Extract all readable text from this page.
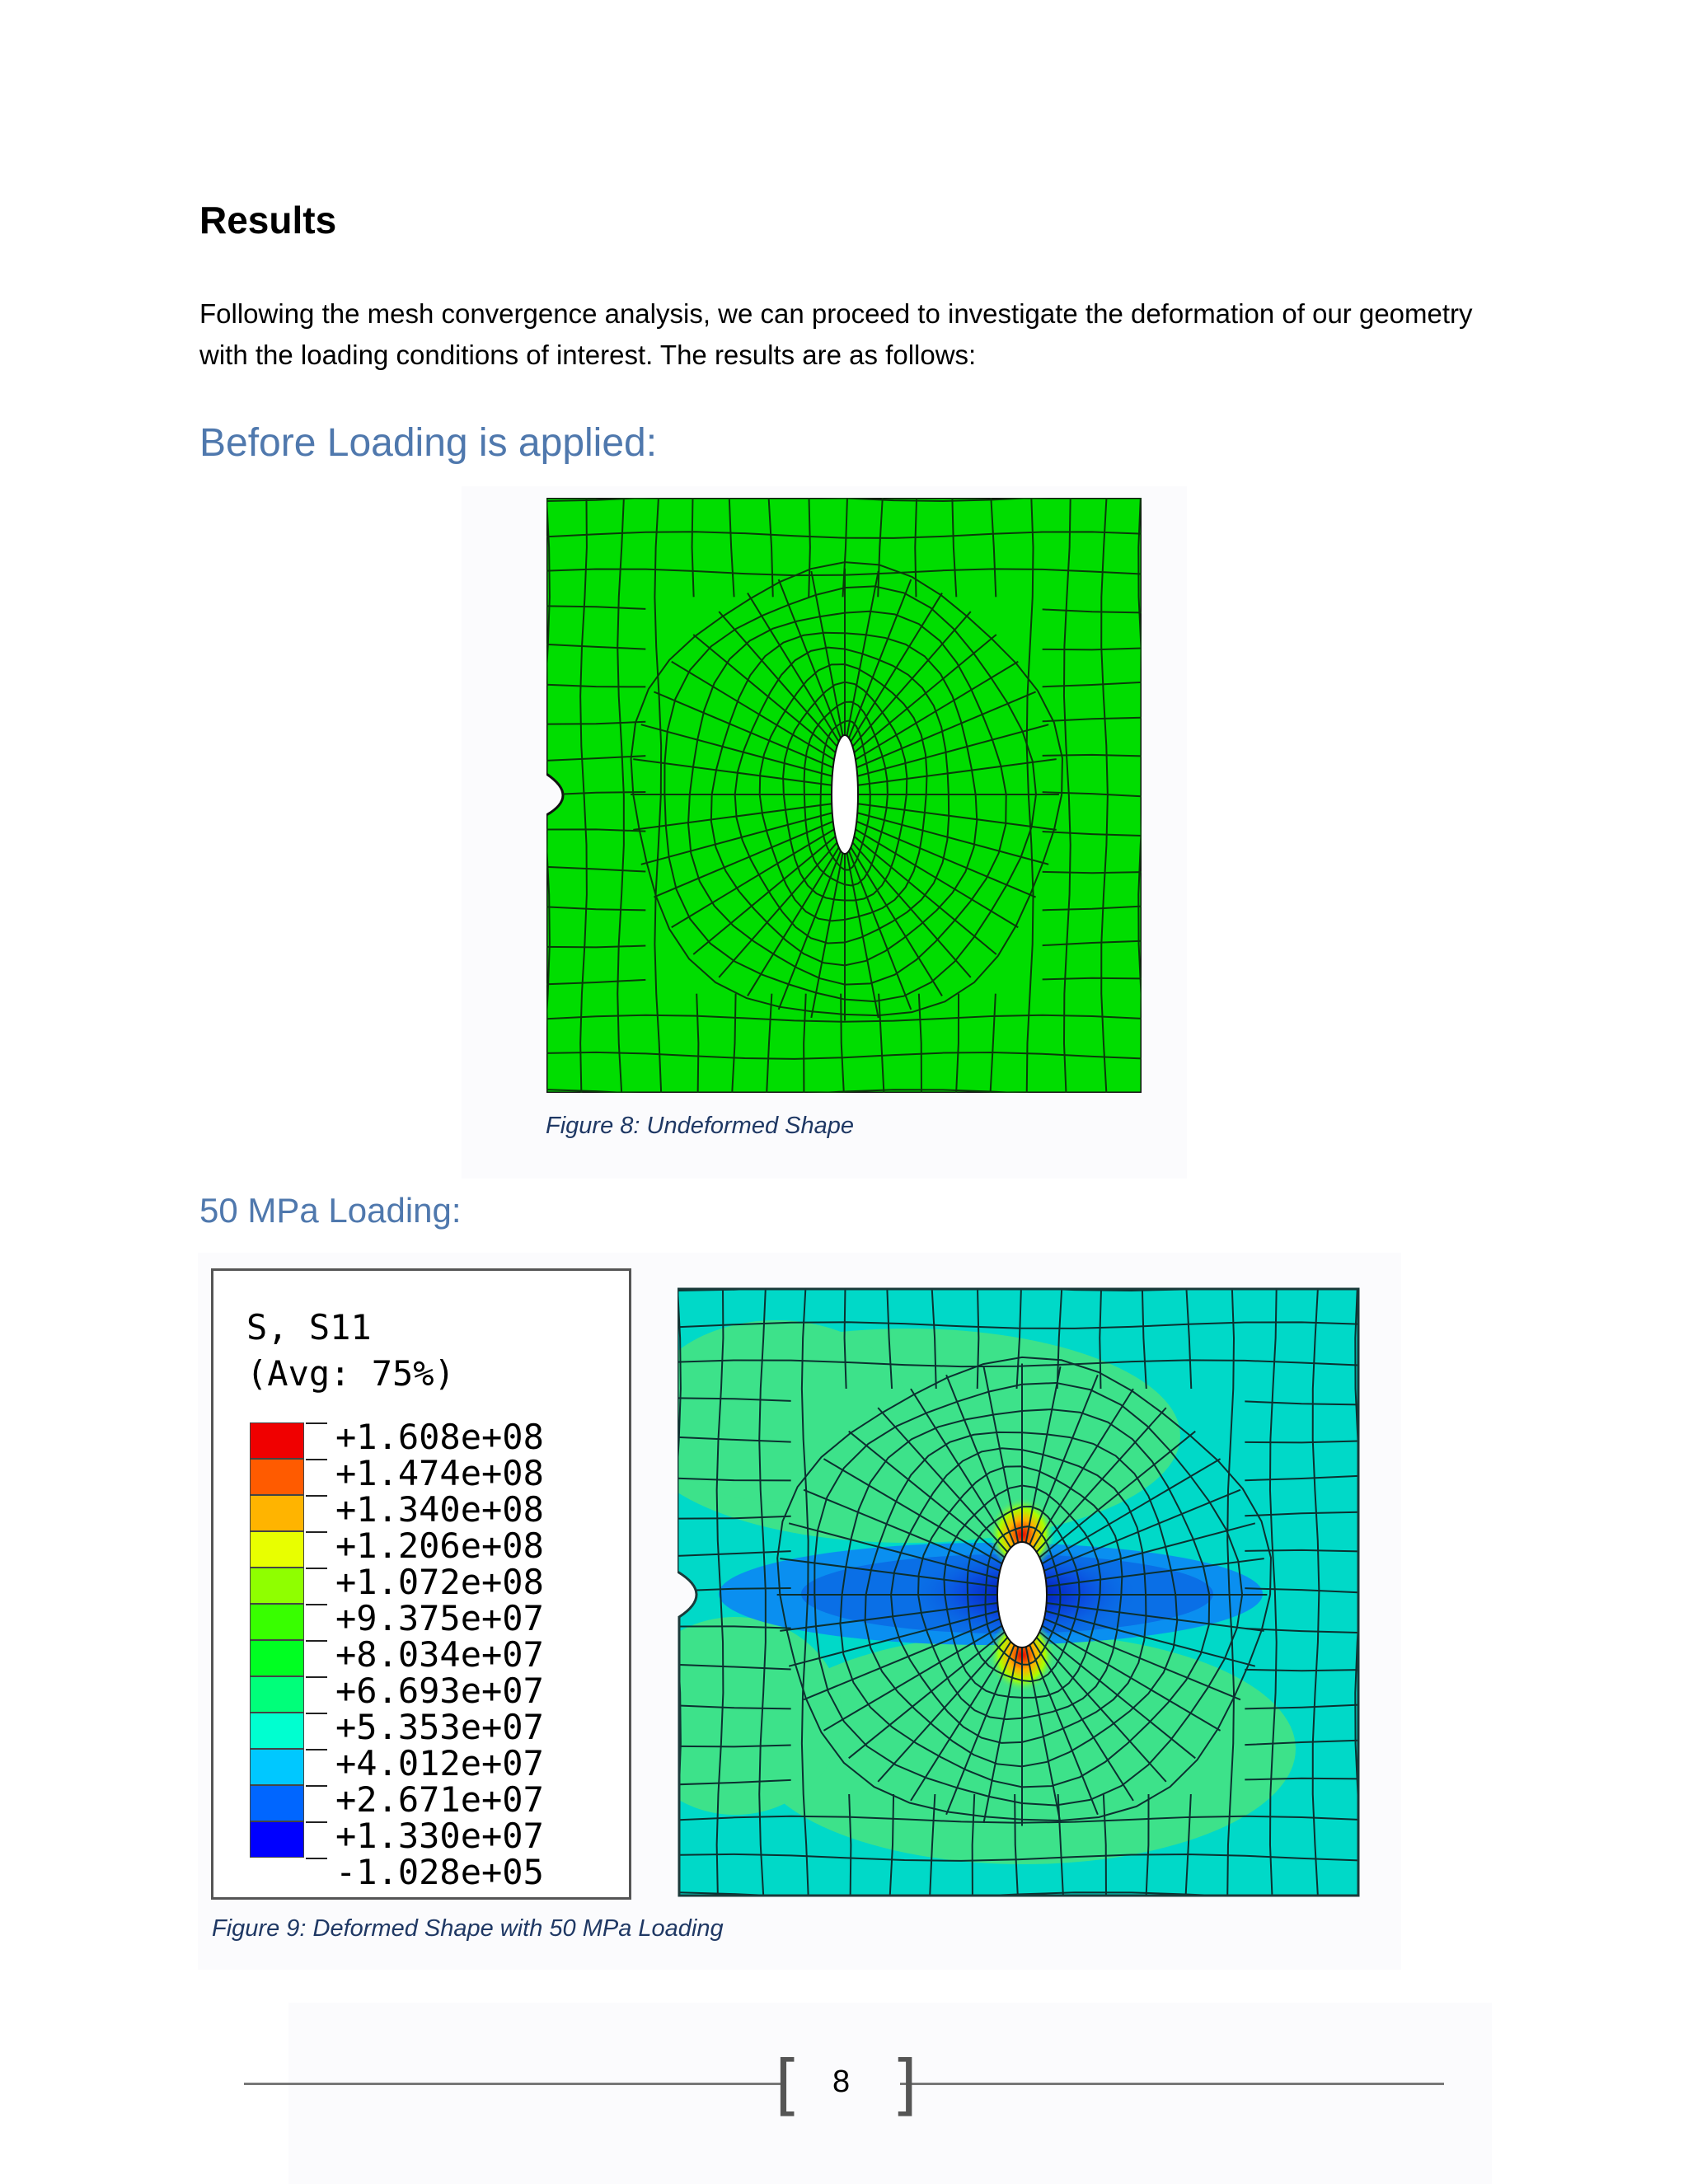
Results

Following the mesh convergence analysis, we can proceed to investigate the deformation of our geometry with the loading conditions of interest. The results are as follows:

Before Loading is applied:

Figure 8: Undeformed Shape

50 MPa Loading:

S, S11

(Avg: 75%)

+1.608e+08

+1.474e+08

+1.340e+08

+1.206e+08

+1.072e+08

+9.375e+07

+8.034e+07

+6.693e+07

+5.353e+07

+4.012e+07

+2.671e+07

+1.330e+07

-1.028e+05

Figure 9: Deformed Shape with 50 MPa Loading

[ ]
8
